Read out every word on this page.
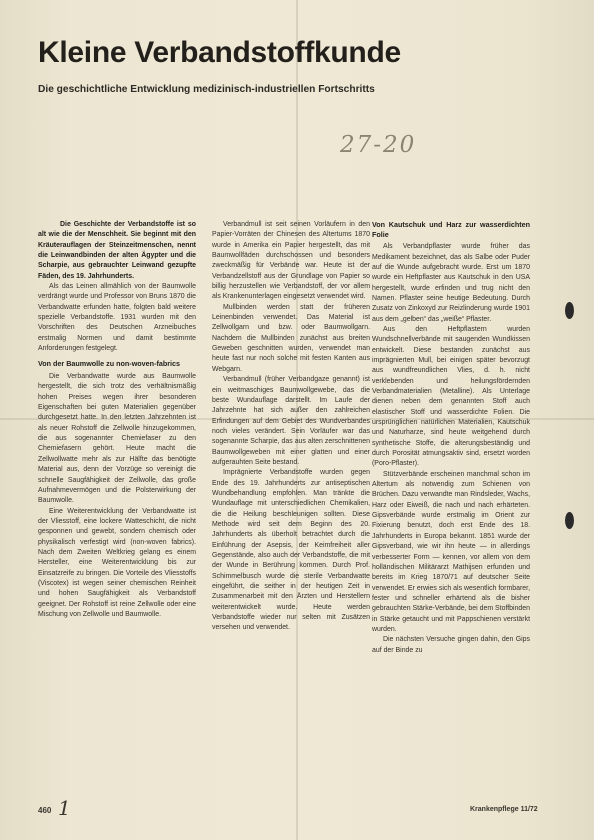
Kleine Verbandstoffkunde
Die geschichtliche Entwicklung medizinisch-industriellen Fortschritts
27-20

Die Geschichte der Verbandstoffe ist so alt wie die der Menschheit. Sie beginnt mit den Kräuterauflagen der Steinzeitmenschen, nennt die Leinwandbinden der alten Ägypter und die Scharpie, aus gebrauchter Leinwand gezupfte Fäden, des 19. Jahrhunderts.

Als das Leinen allmählich von der Baumwolle verdrängt wurde und Professor von Bruns 1870 die Verbandwatte erfunden hatte, folgten bald weitere spezielle Verbandstoffe. 1931 wurden mit den Vorschriften des Deutschen Arzneibuches erstmalig Normen und damit bestimmte Anforderungen festgelegt.

Von der Baumwolle zu non-woven-fabrics

Die Verbandwatte wurde aus Baumwolle hergestellt, die sich trotz des verhältnismäßig hohen Preises wegen ihrer besonderen Eigenschaften bei guten Materialien gegenüber durchgesetzt hatte. In den letzten Jahrzehnten ist als neuer Rohstoff die Zellwolle hinzugekommen, die aus sogenannter Chemiefaser zu den Chemiefasern gehört. Heute macht die Zellwollwatte mehr als zur Hälfte das benötigte Material aus, denn der Vorzüge so vereinigt die schnelle Saugfähigkeit der Zellwolle, das große Aufnahmevermögen und die Polsterwirkung der Baumwolle.

Eine Weiterentwicklung der Verbandwatte ist der Vliesstoff, eine lockere Watteschicht, die nicht gesponnen und gewebt, sondern chemisch oder physikalisch verfestigt wird (non-woven fabrics). Nach dem Zweiten Weltkrieg gelang es einem Hersteller, eine Weiterentwicklung bis zur Einsatzreife zu bringen. Die Vorteile des Vliesstoffs (Viscotex) ist wegen seiner chemischen Reinheit und hohen Saugfähigkeit als Verbandstoff geeignet. Der Rohstoff ist reine Zellwolle oder eine Mischung von Zellwolle und Baumwolle.

Verbandmull ist seit seinen Vorläufern in den Papier-Vorräten der Chinesen des Altertums 1870 wurde in Amerika ein Papier hergestellt, das mit Baumwollfäden durchschossen und besonders zweckmäßig für Verbände war. Heute ist der Verbandzellstoff aus der Grundlage von Papier so billig herzustellen wie Verbandstoff, der vor allem als Krankenunterlagen eingesetzt verwendet wird.

Mullbinden werden statt der früheren Leinenbinden verwendet. Das Material ist Zellwollgarn und bzw. oder Baumwollgarn. Nachdem die Mullbinden zunächst aus breiten Geweben geschnitten wurden, verwendet man heute fast nur noch solche mit festen Kanten aus Webgarn.

Verbandmull (früher Verbandgaze genannt) ist ein weitmaschiges Baumwollgewebe, das die beste Wundauflage darstellt. Im Laufe der Jahrzehnte hat sich außer den zahlreichen Erfindungen auf dem Gebiet des Wundverbandes noch vieles verändert. Sein Vorläufer war das sogenannte Scharpie, das aus alten zerschnittenen Baumwollgeweben mit einer glatten und einer aufgerauhten Seite bestand.

Imprägnierte Verbandstoffe wurden gegen Ende des 19. Jahrhunderts zur antiseptischen Wundbehandlung empfohlen. Man tränkte die Wundauflage mit unterschiedlichen Chemikalien, die die Heilung beschleunigen sollten. Diese Methode wird seit dem Beginn des 20. Jahrhunderts als überholt betrachtet durch die Einführung der Asepsis, der Keimfreiheit aller Gegenstände, also auch der Verbandstoffe, die mit der Wunde in Berührung kommen. Durch Prof. Schimmelbusch wurde die sterile Verbandwatte eingeführt, die seither in der heutigen Zeit in Zusammenarbeit mit den Ärzten und Herstellern weiterentwickelt wurde. Heute werden Verbandstoffe wieder nur selten mit Zusätzen versehen und verwendet.

Von Kautschuk und Harz zur wasserdichten Folie

Als Verbandpflaster wurde früher das Medikament bezeichnet, das als Salbe oder Puder auf die Wunde aufgebracht wurde. Erst um 1870 wurde ein Heftpflaster aus Kautschuk in den USA hergestellt, wurde erfinden und trug nicht den Namen. Pflaster seine heutige Bedeutung. Durch Zusatz von Zinkoxyd zur Reizlinderung wurde 1901 aus dem „gelben“ das „weiße“ Pflaster.

Aus den Heftpflastern wurden Wundschnellverbände mit saugenden Wundkissen entwickelt. Diese bestanden zunächst aus imprägnierten Mull, bei einigen später bevorzugt aus wundfreundlichen Vlies, d. h. nicht verklebenden und heilungsfördernden Verbandmaterialien (Metalline). Als Unterlage dienen neben dem genannten Stoff auch elastischer Stoff und wasserdichte Folien. Die ursprünglichen natürlichen Materialien, Kautschuk und Naturharze, sind heute weitgehend durch synthetische Stoffe, die alterungsbeständig und durch Porosität atmungsaktiv sind, ersetzt worden (Poro-Pflaster).

Stützverbände erscheinen manchmal schon im Altertum als notwendig zum Schienen von Brüchen. Dazu verwandte man Rindsleder, Wachs, Harz oder Eiweiß, die nach und nach erhärteten. Gipsverbände wurde erstmalig im Orient zur Fixierung benutzt, doch erst Ende des 18. Jahrhunderts in Europa bekannt. 1851 wurde der Gipsverband, wie wir ihn heute — in allerdings verbesserter Form — kennen, vor allem von dem holländischen Militärarzt Mathijsen erfunden und bereits im Krieg 1870/71 auf deutscher Seite verwendet. Er erwies sich als wesentlich formbarer, fester und schneller erhärtend als die bisher gebrauchten Stärke-Verbände, bei dem Stoffbinden in Stärke getaucht und mit Pappschienen verstärkt wurden.

Die nächsten Versuche gingen dahin, den Gips auf der Binde zu

460 1	Krankenpflege 11/72
